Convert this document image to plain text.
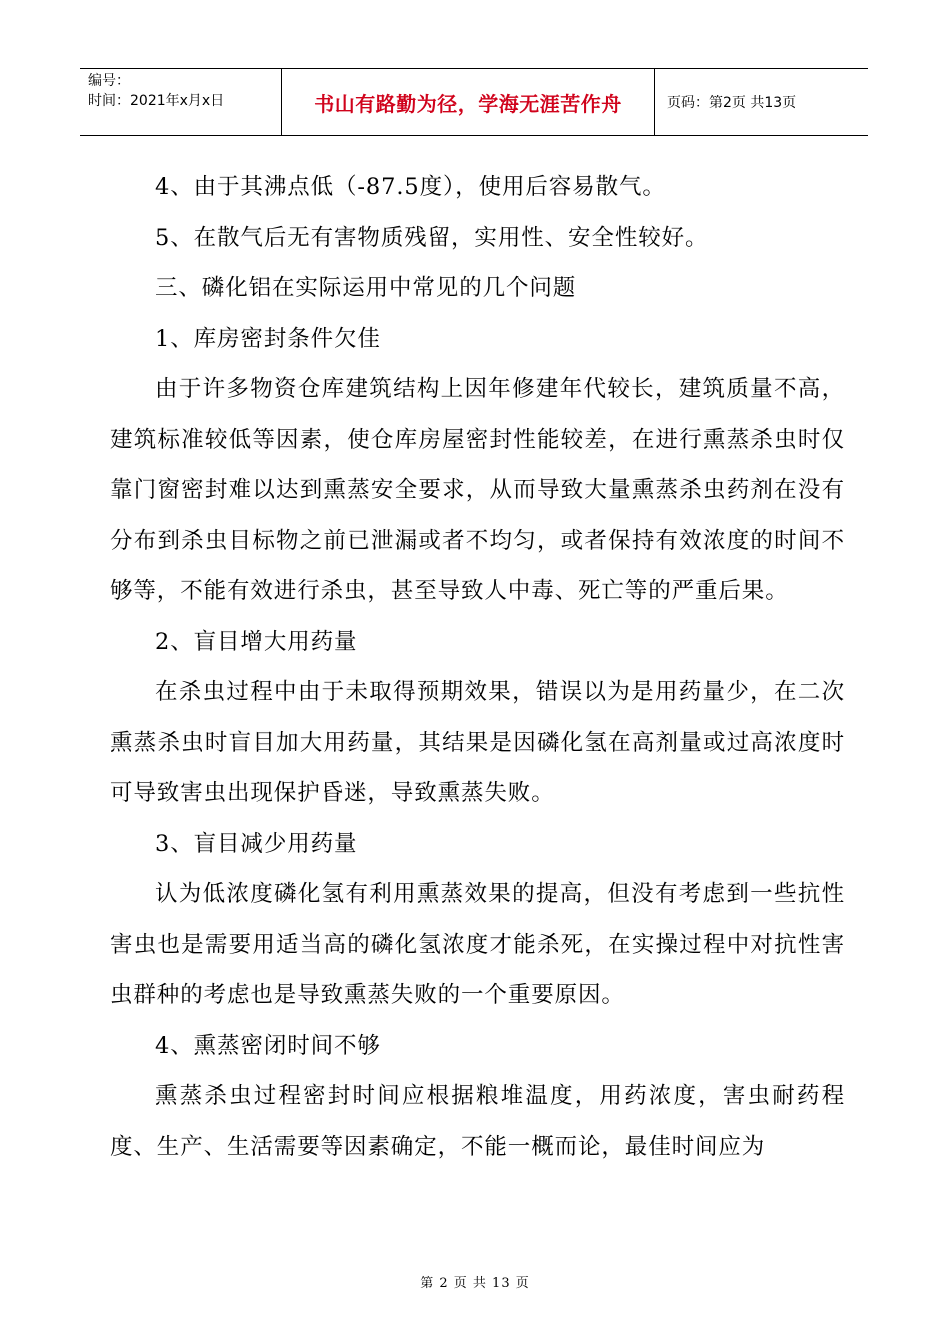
编号：
时间：2021年x月x日	书山有路勤为径，学海无涯苦作舟	页码：第2页 共13页

4、由于其沸点低（-87.5度），使用后容易散气。

5、在散气后无有害物质残留，实用性、安全性较好。

三、磷化铝在实际运用中常见的几个问题

1、库房密封条件欠佳

由于许多物资仓库建筑结构上因年修建年代较长，建筑质量不高，建筑标准较低等因素，使仓库房屋密封性能较差，在进行熏蒸杀虫时仅靠门窗密封难以达到熏蒸安全要求，从而导致大量熏蒸杀虫药剂在没有分布到杀虫目标物之前已泄漏或者不均匀，或者保持有效浓度的时间不够等，不能有效进行杀虫，甚至导致人中毒、死亡等的严重后果。

2、盲目增大用药量

在杀虫过程中由于未取得预期效果，错误以为是用药量少，在二次熏蒸杀虫时盲目加大用药量，其结果是因磷化氢在高剂量或过高浓度时可导致害虫出现保护昏迷，导致熏蒸失败。

3、盲目减少用药量

认为低浓度磷化氢有利用熏蒸效果的提高，但没有考虑到一些抗性害虫也是需要用适当高的磷化氢浓度才能杀死，在实操过程中对抗性害虫群种的考虑也是导致熏蒸失败的一个重要原因。

4、熏蒸密闭时间不够

熏蒸杀虫过程密封时间应根据粮堆温度，用药浓度，害虫耐药程度、生产、生活需要等因素确定，不能一概而论，最佳时间应为

第 2 页 共 13 页
